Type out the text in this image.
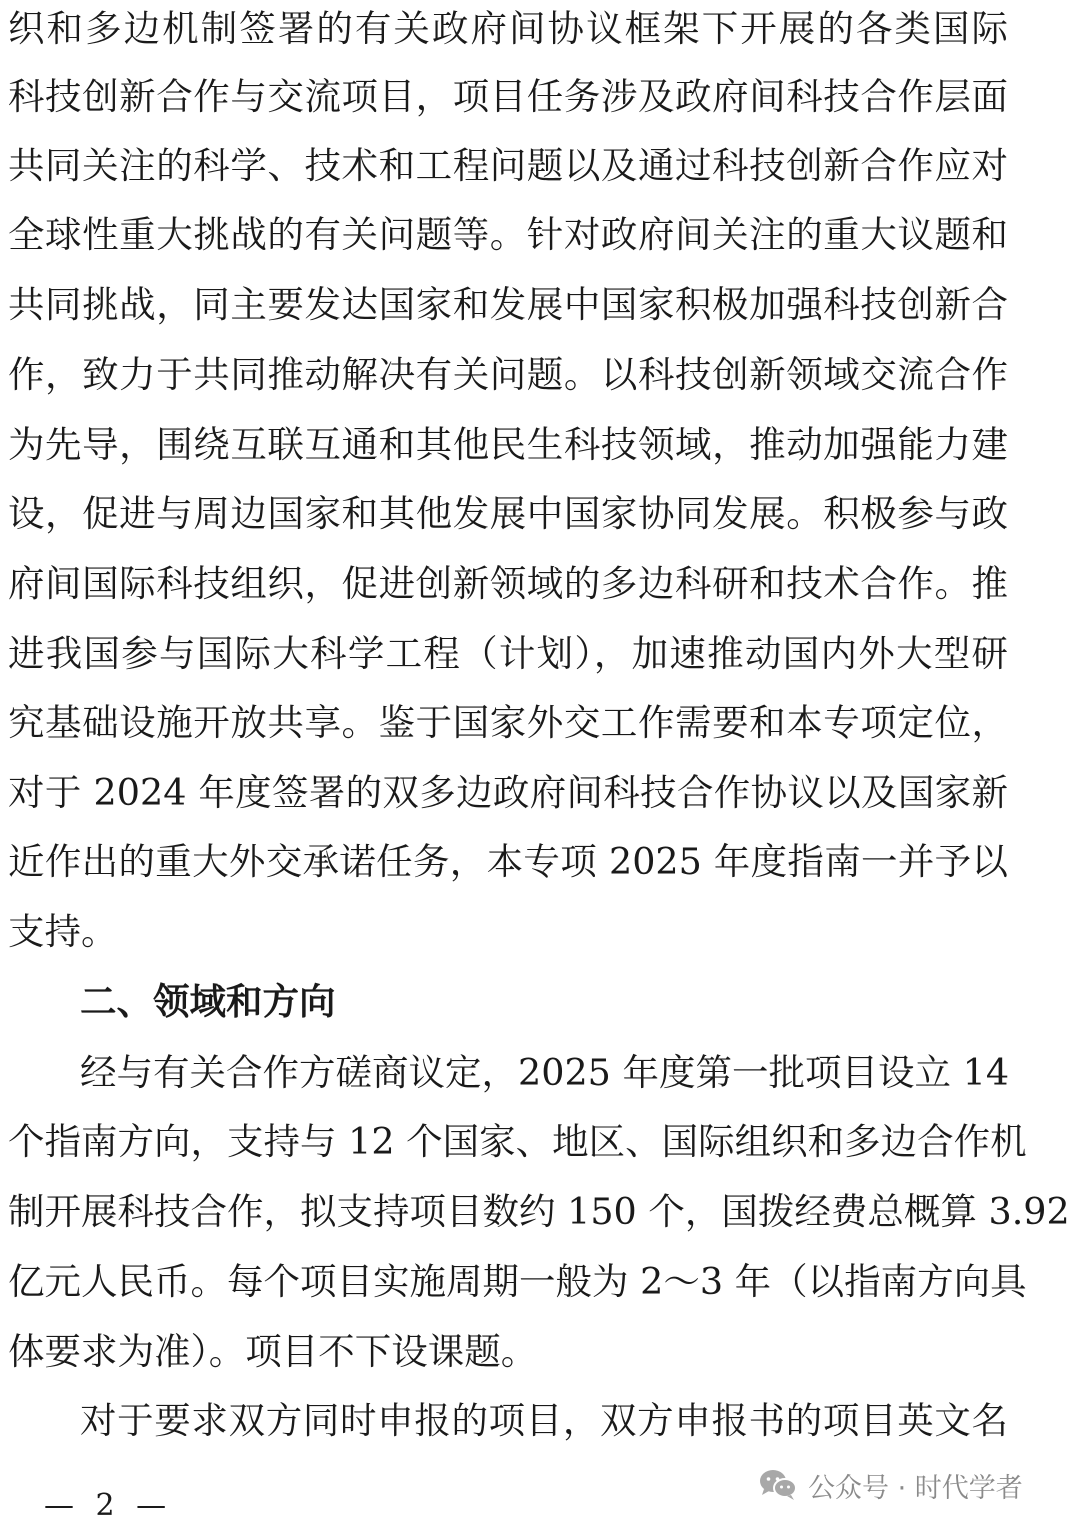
织和多边机制签署的有关政府间协议框架下开展的各类国际
科技创新合作与交流项目，项目任务涉及政府间科技合作层面
共同关注的科学、技术和工程问题以及通过科技创新合作应对
全球性重大挑战的有关问题等。针对政府间关注的重大议题和
共同挑战，同主要发达国家和发展中国家积极加强科技创新合
作，致力于共同推动解决有关问题。以科技创新领域交流合作
为先导，围绕互联互通和其他民生科技领域，推动加强能力建
设，促进与周边国家和其他发展中国家协同发展。积极参与政
府间国际科技组织，促进创新领域的多边科研和技术合作。推
进我国参与国际大科学工程（计划），加速推动国内外大型研
究基础设施开放共享。鉴于国家外交工作需要和本专项定位，
对于 2024 年度签署的双多边政府间科技合作协议以及国家新
近作出的重大外交承诺任务，本专项 2025 年度指南一并予以
支持。
二、领域和方向
经与有关合作方磋商议定，2025 年度第一批项目设立 14
个指南方向，支持与 12 个国家、地区、国际组织和多边合作机
制开展科技合作，拟支持项目数约 150 个，国拨经费总概算 3.92
亿元人民币。每个项目实施周期一般为 2～3 年（以指南方向具
体要求为准）。项目不下设课题。
对于要求双方同时申报的项目，双方申报书的项目英文名
— 2 —	公众号 · 时代学者
